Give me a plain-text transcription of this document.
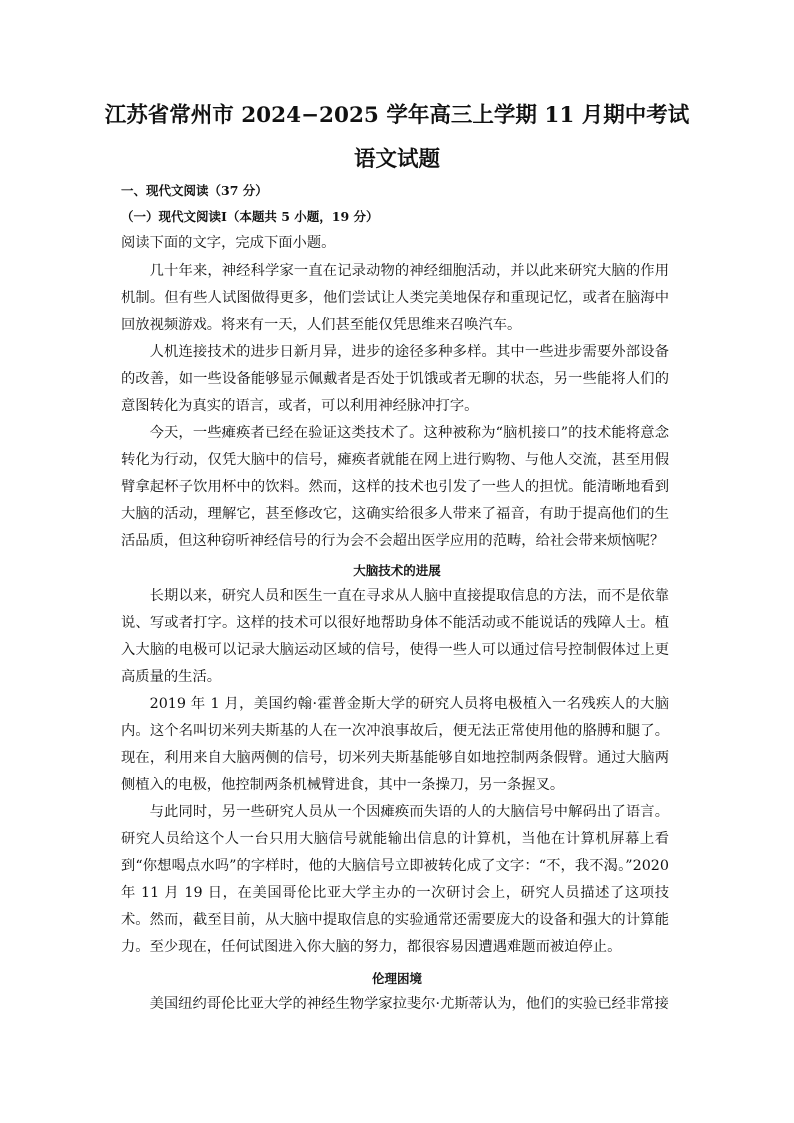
江苏省常州市 2024−2025 学年高三上学期 11 月期中考试
语文试题
一、现代文阅读（37 分）
（一）现代文阅读Ⅰ（本题共 5 小题，19 分）
阅读下面的文字，完成下面小题。

几十年来，神经科学家一直在记录动物的神经细胞活动，并以此来研究大脑的作用机制。但有些人试图做得更多，他们尝试让人类完美地保存和重现记忆，或者在脑海中回放视频游戏。将来有一天，人们甚至能仅凭思维来召唤汽车。

人机连接技术的进步日新月异，进步的途径多种多样。其中一些进步需要外部设备的改善，如一些设备能够显示佩戴者是否处于饥饿或者无聊的状态，另一些能将人们的意图转化为真实的语言，或者，可以利用神经脉冲打字。

今天，一些瘫痪者已经在验证这类技术了。这种被称为“脑机接口”的技术能将意念转化为行动，仅凭大脑中的信号，瘫痪者就能在网上进行购物、与他人交流，甚至用假臂拿起杯子饮用杯中的饮料。然而，这样的技术也引发了一些人的担忧。能清晰地看到大脑的活动，理解它，甚至修改它，这确实给很多人带来了福音，有助于提高他们的生活品质，但这种窃听神经信号的行为会不会超出医学应用的范畴，给社会带来烦恼呢？

大脑技术的进展

长期以来，研究人员和医生一直在寻求从人脑中直接提取信息的方法，而不是依靠说、写或者打字。这样的技术可以很好地帮助身体不能活动或不能说话的残障人士。植入大脑的电极可以记录大脑运动区域的信号，使得一些人可以通过信号控制假体过上更高质量的生活。

2019 年 1 月，美国约翰·霍普金斯大学的研究人员将电极植入一名残疾人的大脑内。这个名叫切米列夫斯基的人在一次冲浪事故后，便无法正常使用他的胳膊和腿了。现在，利用来自大脑两侧的信号，切米列夫斯基能够自如地控制两条假臂。通过大脑两侧植入的电极，他控制两条机械臂进食，其中一条操刀，另一条握叉。

与此同时，另一些研究人员从一个因瘫痪而失语的人的大脑信号中解码出了语言。研究人员给这个人一台只用大脑信号就能输出信息的计算机，当他在计算机屏幕上看到“你想喝点水吗”的字样时，他的大脑信号立即被转化成了文字：“不，我不渴。”2020 年 11 月 19 日，在美国哥伦比亚大学主办的一次研讨会上，研究人员描述了这项技术。 然而，截至目前，从大脑中提取信息的实验通常还需要庞大的设备和强大的计算能力。至少现在，任何试图进入你大脑的努力，都很容易因遭遇难题而被迫停止。

伦理困境

美国纽约哥伦比亚大学的神经生物学家拉斐尔·尤斯蒂认为，他们的实验已经非常接
